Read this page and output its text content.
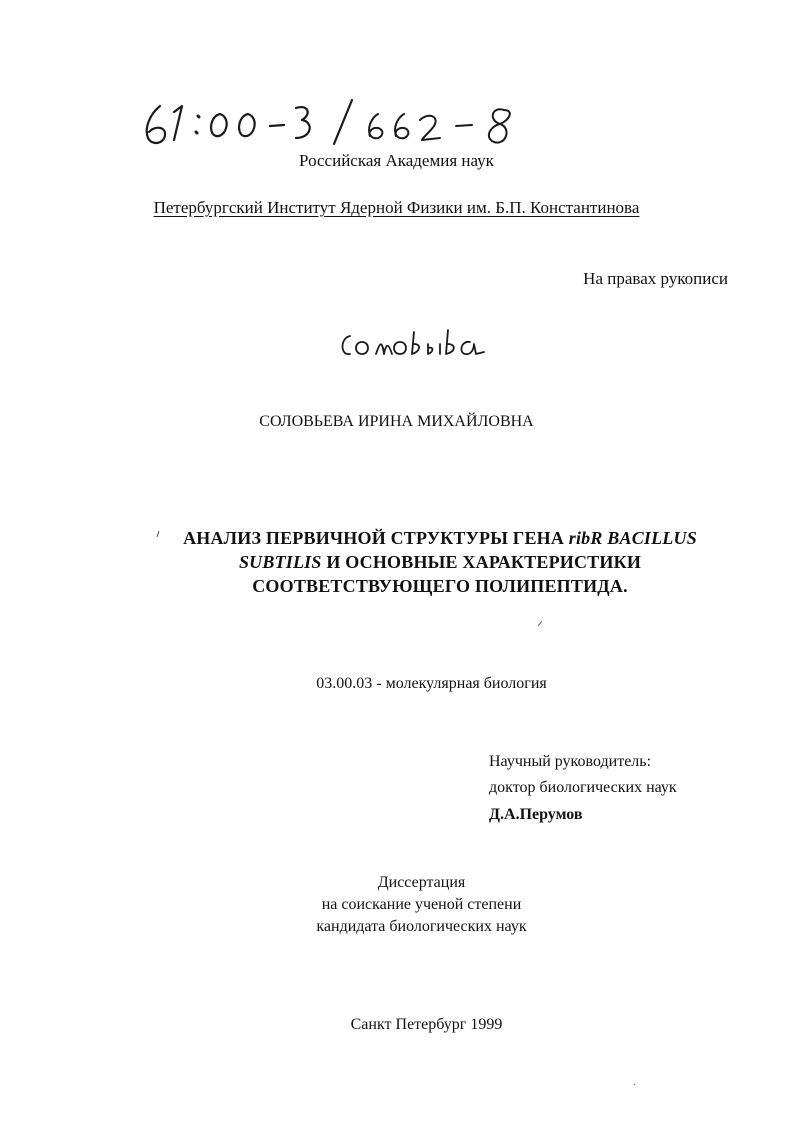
Российская Академия наук
Петербургский Институт Ядерной Физики им. Б.П. Константинова
На правах рукописи
СОЛОВЬЕВА ИРИНА МИХАЙЛОВНА
АНАЛИЗ ПЕРВИЧНОЙ СТРУКТУРЫ ГЕНА ribR BACILLUS
SUBTILIS И ОСНОВНЫЕ ХАРАКТЕРИСТИКИ
СООТВЕТСТВУЮЩЕГО ПОЛИПЕПТИДА.
03.00.03 - молекулярная биология
Научный руководитель:
доктор биологических наук
Д.А.Перумов
Диссертация
на соискание ученой степени
кандидата биологических наук
Санкт Петербург 1999
